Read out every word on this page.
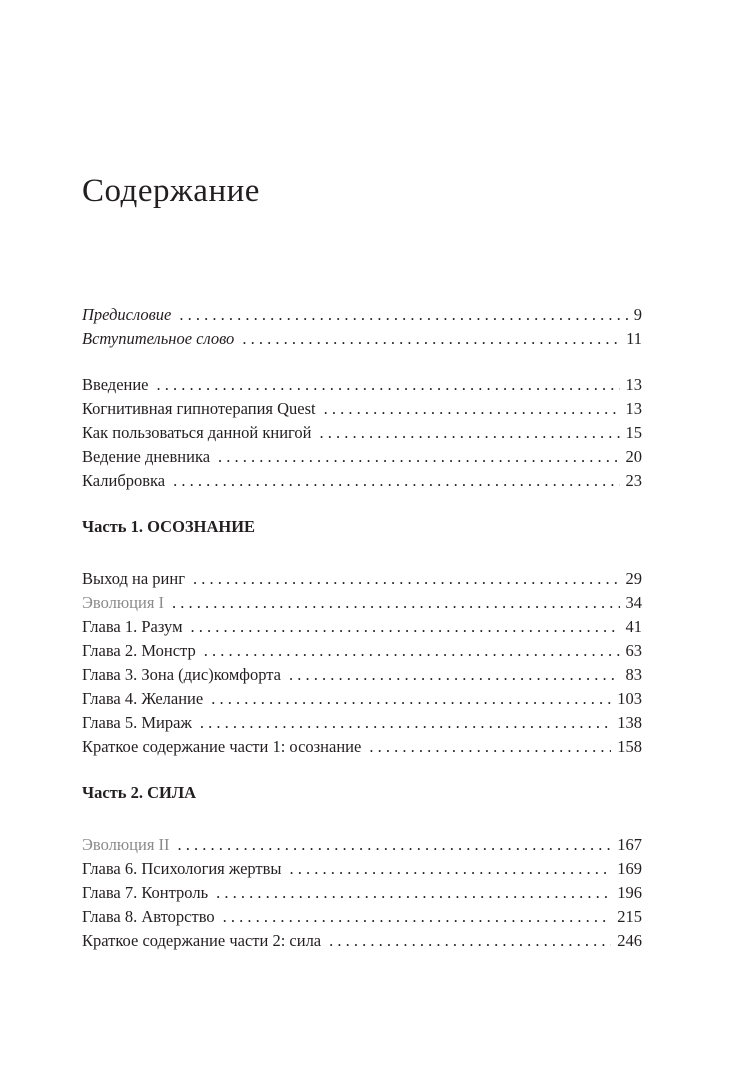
Содержание
Предисловие . . .	9
Вступительное слово . . .	11
Введение . . .	13
Когнитивная гипнотерапия Quest . . .	13
Как пользоваться данной книгой . . .	15
Ведение дневника . . .	20
Калибровка . . .	23
Часть 1. ОСОЗНАНИЕ
Выход на ринг . . .	29
Эволюция I . . .	34
Глава 1. Разум . . .	41
Глава 2. Монстр . . .	63
Глава 3. Зона (дис)комфорта . . .	83
Глава 4. Желание . . .	103
Глава 5. Мираж . . .	138
Краткое содержание части 1: осознание . . .	158
Часть 2. СИЛА
Эволюция II . . .	167
Глава 6. Психология жертвы . . .	169
Глава 7. Контроль . . .	196
Глава 8. Авторство . . .	215
Краткое содержание части 2: сила . . .	246
